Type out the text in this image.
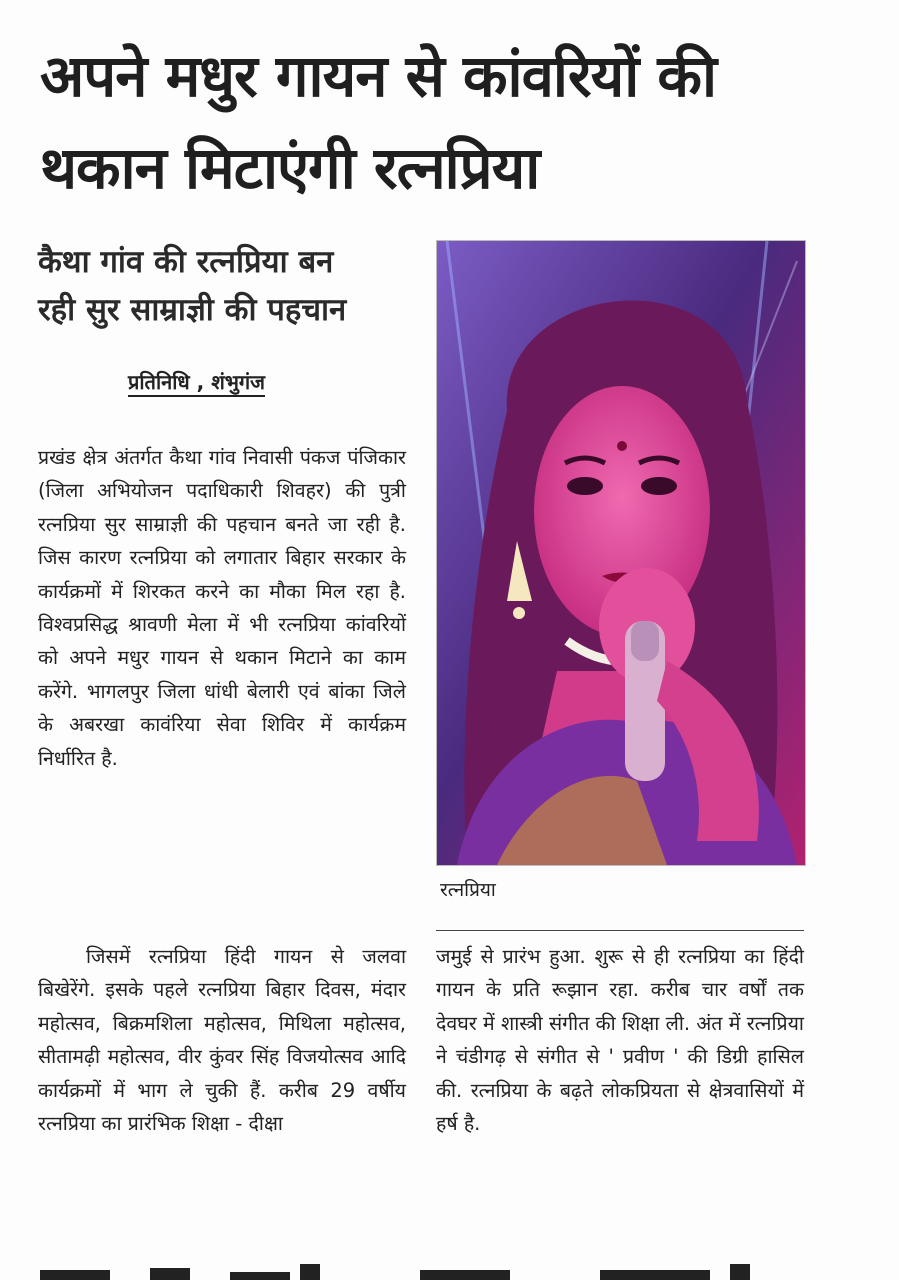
अपने मधुर गायन से कांवरियों की
थकान मिटाएंगी रत्नप्रिया
कैथा गांव की रत्नप्रिया बन
रही सुर साम्राज्ञी की पहचान
प्रतिनिधि , शंभुगंज

प्रखंड क्षेत्र अंतर्गत कैथा गांव निवासी पंकज पंजिकार (जिला अभियोजन पदाधिकारी शिवहर) की पुत्री रत्नप्रिया सुर साम्राज्ञी की पहचान बनते जा रही है. जिस कारण रत्नप्रिया को लगातार बिहार सरकार के कार्यक्रमों में शिरकत करने का मौका मिल रहा है. विश्वप्रसिद्ध श्रावणी मेला में भी रत्नप्रिया कांवरियों को अपने मधुर गायन से थकान मिटाने का काम करेंगे. भागलपुर जिला धांधी बेलारी एवं बांका जिले के अबरखा कावंरिया सेवा शिविर में कार्यक्रम निर्धारित है.

रत्नप्रिया

जिसमें रत्नप्रिया हिंदी गायन से जलवा बिखेरेंगे. इसके पहले रत्नप्रिया बिहार दिवस, मंदार महोत्सव, बिक्रमशिला महोत्सव, मिथिला महोत्सव, सीतामढ़ी महोत्सव, वीर कुंवर सिंह विजयोत्सव आदि कार्यक्रमों में भाग ले चुकी हैं. करीब 29 वर्षीय रत्नप्रिया का प्रारंभिक शिक्षा - दीक्षा

जमुई से प्रारंभ हुआ. शुरू से ही रत्नप्रिया का हिंदी गायन के प्रति रूझान रहा. करीब चार वर्षों तक देवघर में शास्त्री संगीत की शिक्षा ली. अंत में रत्नप्रिया ने चंडीगढ़ से संगीत से ' प्रवीण ' की डिग्री हासिल की. रत्नप्रिया के बढ़ते लोकप्रियता से क्षेत्रवासियों में हर्ष है.
